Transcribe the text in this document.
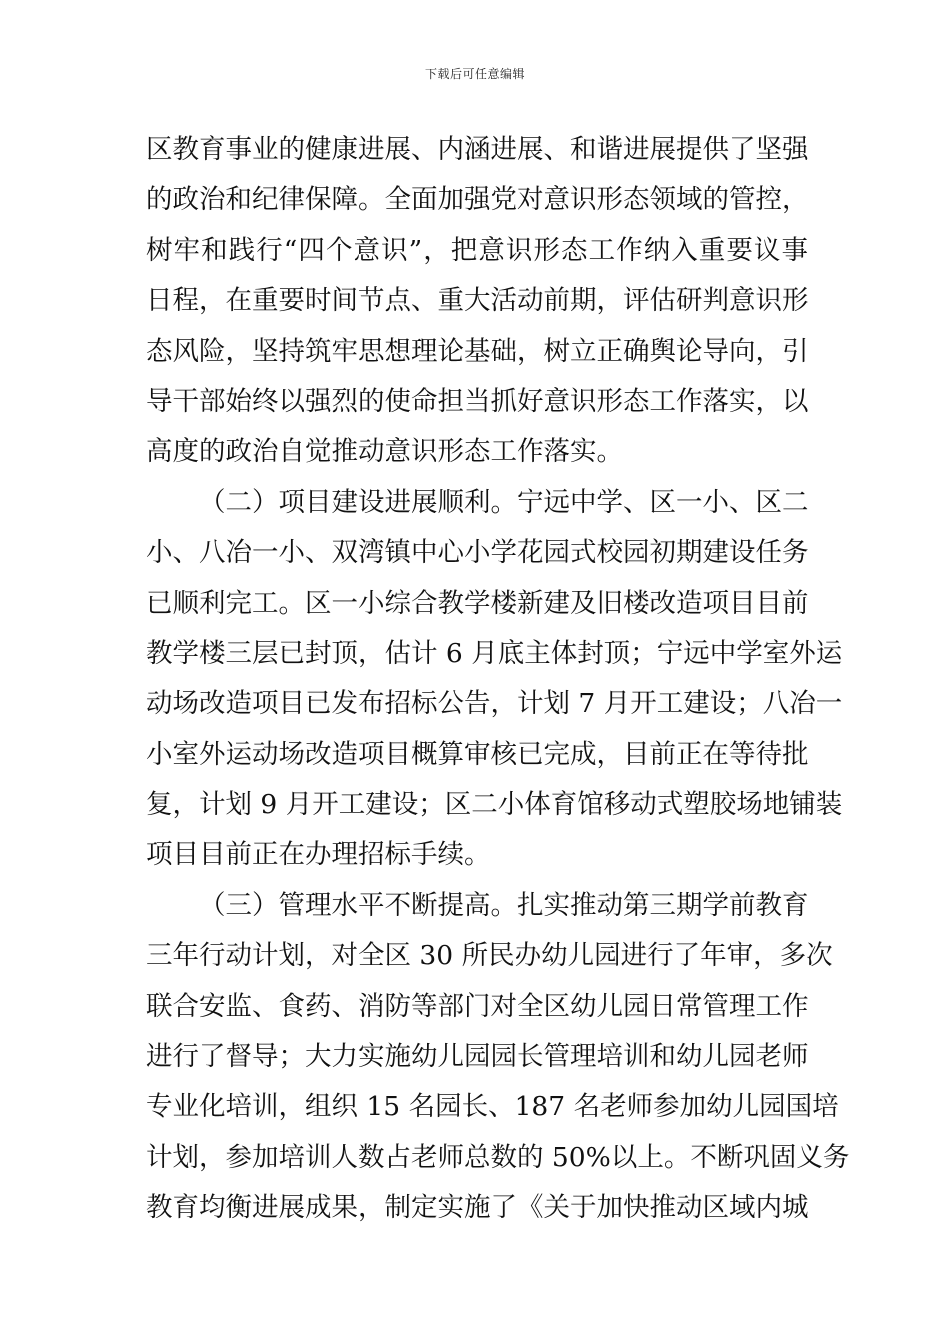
下载后可任意编辑
区教育事业的健康进展、内涵进展、和谐进展提供了坚强
的政治和纪律保障。全面加强党对意识形态领域的管控，
树牢和践行“四个意识”，把意识形态工作纳入重要议事
日程，在重要时间节点、重大活动前期，评估研判意识形
态风险，坚持筑牢思想理论基础，树立正确舆论导向，引
导干部始终以强烈的使命担当抓好意识形态工作落实，以
高度的政治自觉推动意识形态工作落实。
（二）项目建设进展顺利。宁远中学、区一小、区二
小、八冶一小、双湾镇中心小学花园式校园初期建设任务
已顺利完工。区一小综合教学楼新建及旧楼改造项目目前
教学楼三层已封顶，估计 6 月底主体封顶；宁远中学室外运
动场改造项目已发布招标公告，计划 7 月开工建设；八冶一
小室外运动场改造项目概算审核已完成，目前正在等待批
复，计划 9 月开工建设；区二小体育馆移动式塑胶场地铺装
项目目前正在办理招标手续。
（三）管理水平不断提高。扎实推动第三期学前教育
三年行动计划，对全区 30 所民办幼儿园进行了年审，多次
联合安监、食药、消防等部门对全区幼儿园日常管理工作
进行了督导；大力实施幼儿园园长管理培训和幼儿园老师
专业化培训，组织 15 名园长、187 名老师参加幼儿园国培
计划，参加培训人数占老师总数的 50%以上。不断巩固义务
教育均衡进展成果，制定实施了《关于加快推动区域内城
